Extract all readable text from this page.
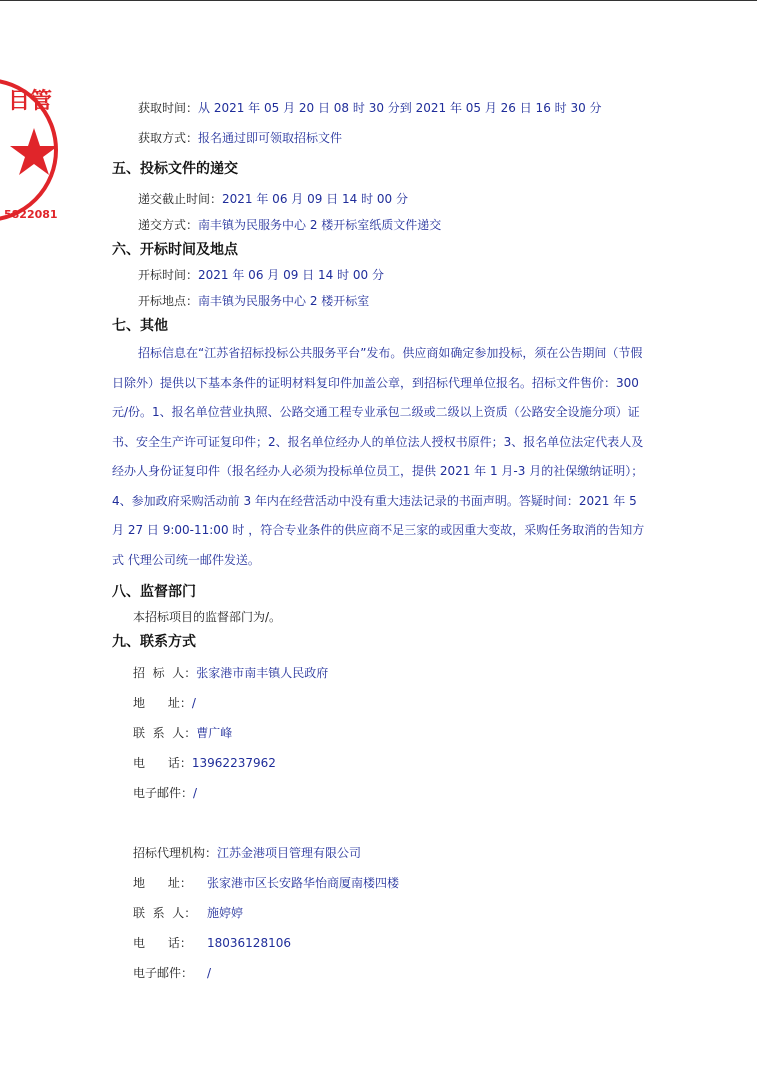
目管
5822081
获取时间：从 2021 年 05 月 20 日 08 时 30 分到 2021 年 05 月 26 日 16 时 30 分
获取方式：报名通过即可领取招标文件
五、投标文件的递交
递交截止时间：2021 年 06 月 09 日 14 时 00 分
递交方式：南丰镇为民服务中心 2 楼开标室纸质文件递交
六、开标时间及地点
开标时间：2021 年 06 月 09 日 14 时 00 分
开标地点：南丰镇为民服务中心 2 楼开标室
七、其他
招标信息在“江苏省招标投标公共服务平台”发布。供应商如确定参加投标，须在公告期间（节假日除外）提供以下基本条件的证明材料复印件加盖公章，到招标代理单位报名。招标文件售价：300 元/份。1、报名单位营业执照、公路交通工程专业承包二级或二级以上资质（公路安全设施分项）证书、安全生产许可证复印件；2、报名单位经办人的单位法人授权书原件；3、报名单位法定代表人及经办人身份证复印件（报名经办人必须为投标单位员工，提供 2021 年 1 月-3 月的社保缴纳证明）；4、参加政府采购活动前 3 年内在经营活动中没有重大违法记录的书面声明。答疑时间：2021 年 5 月 27 日 9:00-11:00 时 ，符合专业条件的供应商不足三家的或因重大变故，采购任务取消的告知方式 代理公司统一邮件发送。
八、监督部门
本招标项目的监督部门为/。
九、联系方式
招  标  人：张家港市南丰镇人民政府
地      址：/
联  系  人：曹广峰
电      话：13962237962
电子邮件：/
招标代理机构：江苏金港项目管理有限公司
地      址： 张家港市区长安路华怡商厦南楼四楼
联  系  人： 施婷婷
电      话： 18036128106
电子邮件： /
